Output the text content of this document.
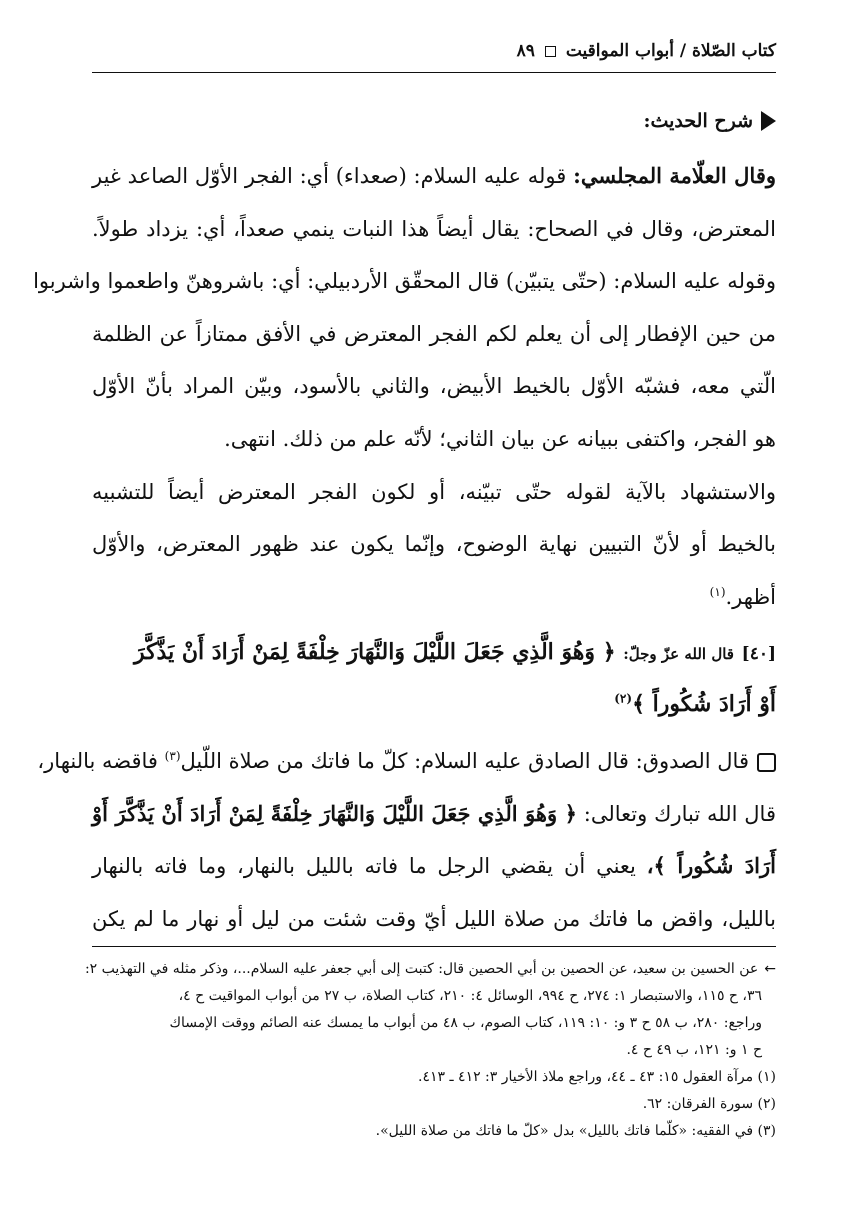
كتاب الصّلاة / أبواب المواقيت
٨٩
شرح الحديث:
وقال العلّامة المجلسي: قوله عليه السلام: (صعداء) أي: الفجر الأوّل الصاعد غير
المعترض، وقال في الصحاح: يقال أيضاً هذا النبات ينمي صعداً، أي: يزداد طولاً.
وقوله عليه السلام: (حتّى يتبيّن) قال المحقّق الأردبيلي: أي: باشروهنّ واطعموا واشربوا
من حين الإفطار إلى أن يعلم لكم الفجر المعترض في الأفق ممتازاً عن الظلمة
الّتي معه، فشبّه الأوّل بالخيط الأبيض، والثاني بالأسود، وبيّن المراد بأنّ الأوّل
هو الفجر، واكتفى ببيانه عن بيان الثاني؛ لأنّه علم من ذلك. انتهى.
والاستشهاد بالآية لقوله حتّى تبيّنه، أو لكون الفجر المعترض أيضاً للتشبيه
بالخيط أو لأنّ التبيين نهاية الوضوح، وإنّما يكون عند ظهور المعترض، والأوّل
أظهر.$^{(١)}$
[٤٠] قال الله عزّ وجلّ: ﴿ وَهُوَ الَّذِي جَعَلَ اللَّيْلَ وَالنَّهَارَ خِلْفَةً لِمَنْ أَرَادَ أَنْ يَذَّكَّرَ
أَوْ أَرَادَ شُكُوراً ﴾$^{(٢)}$
قال الصدوق: قال الصادق عليه السلام: كلّ ما فاتك من صلاة اللّيل$^{(٣)}$ فاقضه بالنهار،
قال الله تبارك وتعالى: ﴿ وَهُوَ الَّذِي جَعَلَ اللَّيْلَ وَالنَّهَارَ خِلْفَةً لِمَنْ أَرَادَ أَنْ يَذَّكَّرَ أَوْ
أَرَادَ شُكُوراً ﴾، يعني أن يقضي الرجل ما فاته بالليل بالنهار، وما فاته بالنهار
بالليل، واقض ما فاتك من صلاة الليل أيّ وقت شئت من ليل أو نهار ما لم يكن
←عن الحسين بن سعيد، عن الحصين بن أبي الحصين قال: كتبت إلى أبي جعفر عليه السلام...، وذكر مثله في التهذيب ٢:
٣٦، ح ١١٥، والاستبصار ١: ٢٧٤، ح ٩٩٤، الوسائل ٤: ٢١٠، كتاب الصلاة، ب ٢٧ من أبواب المواقيت ح ٤،
وراجع: ٢٨٠، ب ٥٨ ح ٣ و: ١٠: ١١٩، كتاب الصوم، ب ٤٨ من أبواب ما يمسك عنه الصائم ووقت الإمساك
ح ١ و: ١٢١، ب ٤٩ ح ٤.
(١) مرآة العقول ١٥: ٤٣ ـ ٤٤، وراجع ملاذ الأخيار ٣: ٤١٢ ـ ٤١٣.
(٢) سورة الفرقان: ٦٢.
(٣) في الفقيه: «كلّما فاتك بالليل» بدل «كلّ ما فاتك من صلاة الليل».
